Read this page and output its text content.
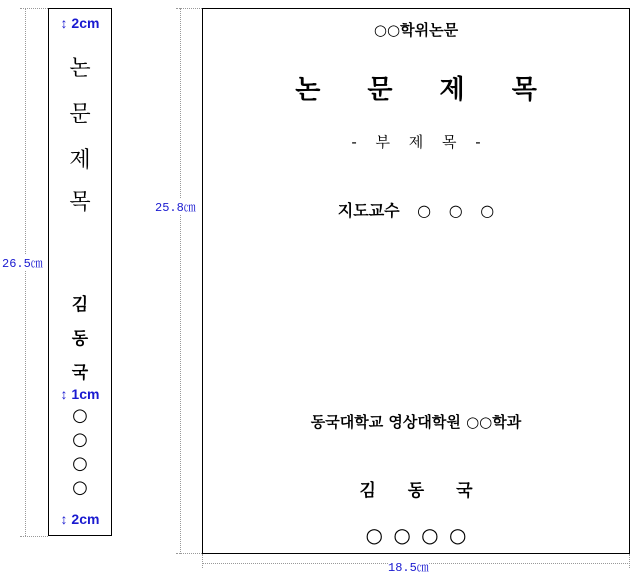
26.5㎝
↕ 2cm
논
문
제
목
김
동
국
↕ 1cm
○
○
○
○
↕ 2cm
25.8㎝
○○학위논문
논 문 제 목
- 부 제 목 -
지도교수 ○ ○ ○
동국대학교 영상대학원 ○○학과
김 동 국
○ ○ ○ ○
18.5㎝
